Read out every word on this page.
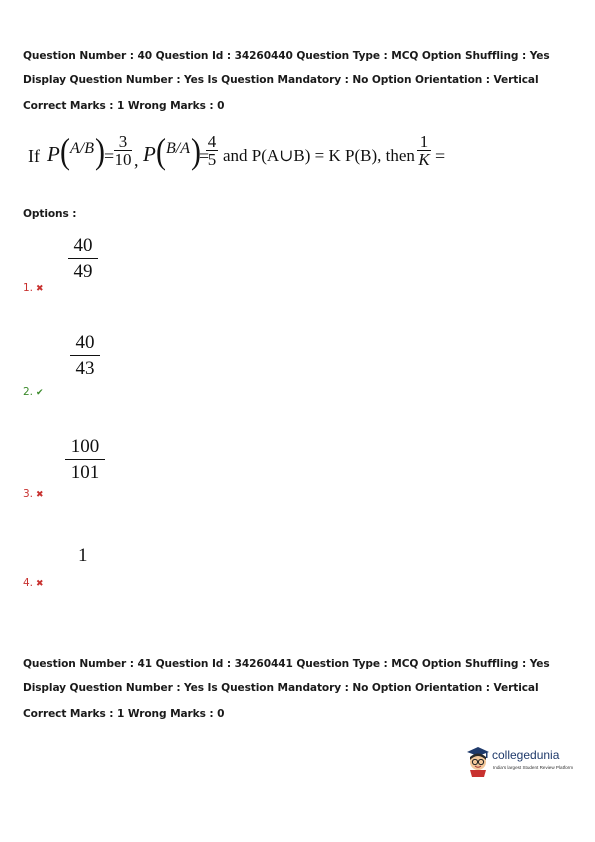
Question Number : 40 Question Id : 34260440 Question Type : MCQ Option Shuffling : Yes
Display Question Number : Yes Is Question Mandatory : No Option Orientation : Vertical
Correct Marks : 1 Wrong Marks : 0
If P ( A/B ) =
3
10 , P ( B/A )
=
4
5 and P(A∪B) = K P(B), then
1
K =
Options :
40
49
1. ✖
40
43
2. ✔
100
101
3. ✖
1
4. ✖
Question Number : 41 Question Id : 34260441 Question Type : MCQ Option Shuffling : Yes
Display Question Number : Yes Is Question Mandatory : No Option Orientation : Vertical
Correct Marks : 1 Wrong Marks : 0
collegedunia
India's largest Student Review Platform
